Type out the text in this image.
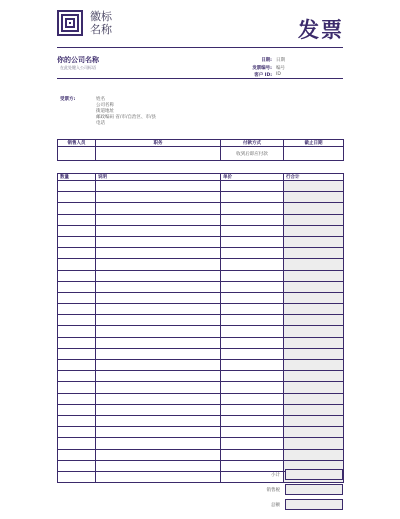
徽标
名称	发票
你的公司名称
在此处键入公司标语
日期: 日期
发票编号: 编号
客户 ID: ID
受票方:	姓名
公司名称
街道地址
邮政编码 省/市/自治区、市/县
电话
销售人员	职务	付款方式	截止日期
		收到后即应付款	
数量	说明	单价	行合计

小计
销售税
总额
